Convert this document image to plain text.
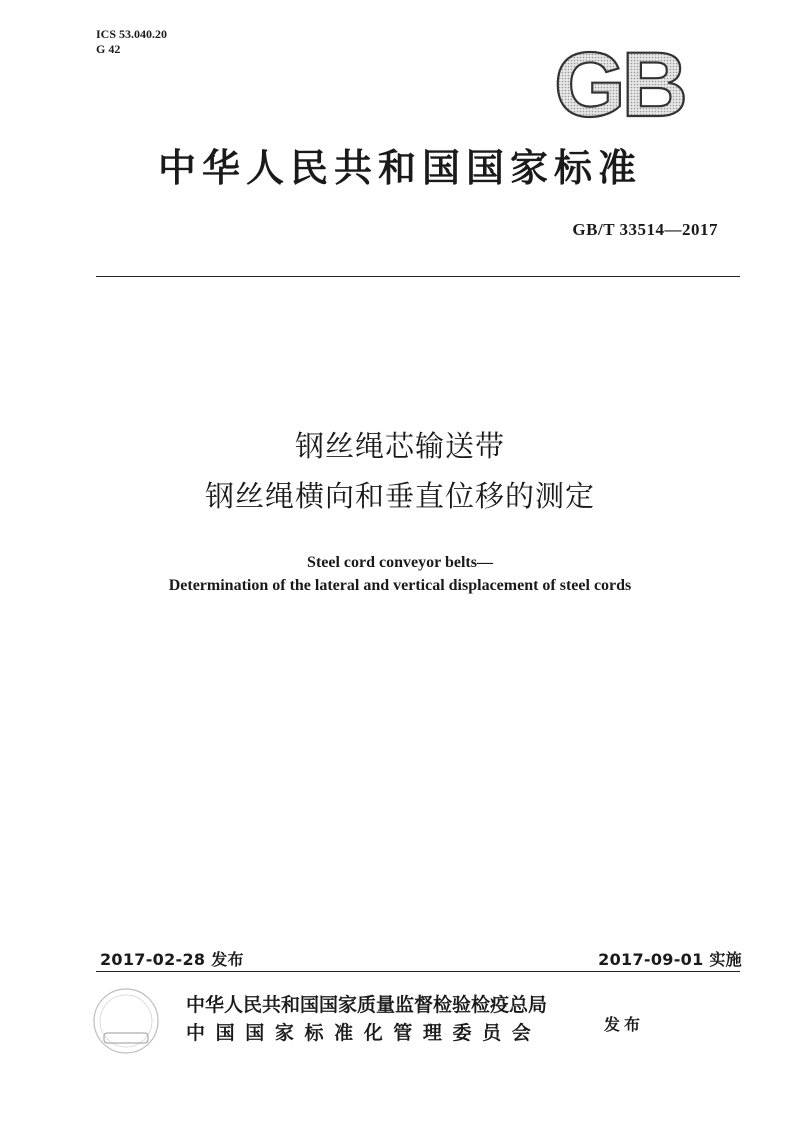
ICS 53.040.20
G 42	GB
中华人民共和国国家标准
GB/T 33514—2017
钢丝绳芯输送带
钢丝绳横向和垂直位移的测定
Steel cord conveyor belts—
Determination of the lateral and vertical displacement of steel cords
2017-02-28 发布	2017-09-01 实施
中华人民共和国国家质量监督检验检疫总局
中 国 国 家 标 准 化 管 理 委 员 会	发布
